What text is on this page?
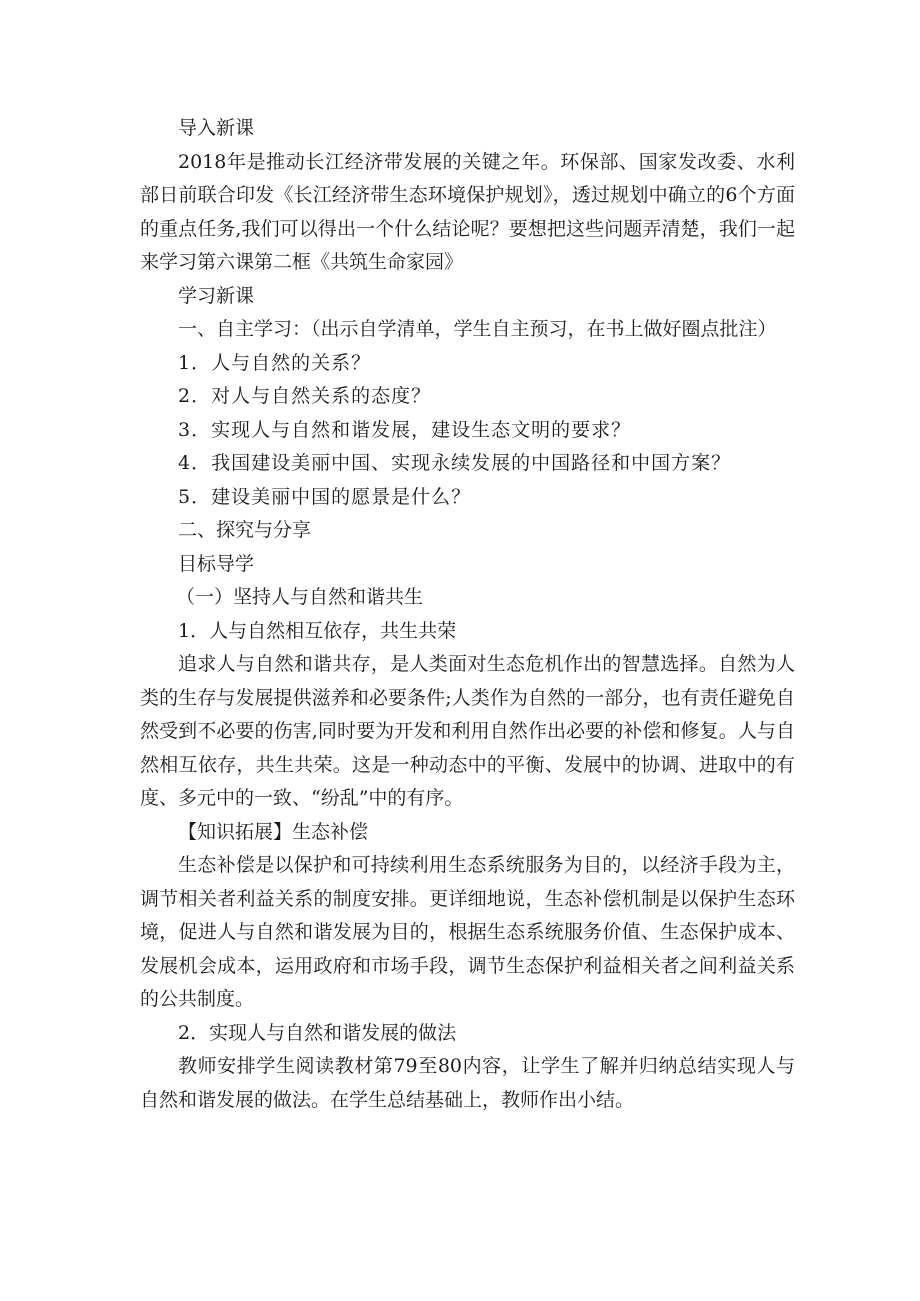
导入新课

2018年是推动长江经济带发展的关键之年。环保部、国家发改委、水利部日前联合印发《长江经济带生态环境保护规划》，透过规划中确立的6个方面的重点任务,我们可以得出一个什么结论呢？要想把这些问题弄清楚，我们一起来学习第六课第二框《共筑生命家园》

学习新课

一、自主学习：（出示自学清单，学生自主预习，在书上做好圈点批注）

1．人与自然的关系？
2．对人与自然关系的态度？
3．实现人与自然和谐发展，建设生态文明的要求？
4．我国建设美丽中国、实现永续发展的中国路径和中国方案？
5．建设美丽中国的愿景是什么？
二、探究与分享
目标导学
（一）坚持人与自然和谐共生
1．人与自然相互依存，共生共荣

追求人与自然和谐共存，是人类面对生态危机作出的智慧选择。自然为人类的生存与发展提供滋养和必要条件;人类作为自然的一部分，也有责任避免自然受到不必要的伤害,同时要为开发和利用自然作出必要的补偿和修复。人与自然相互依存，共生共荣。这是一种动态中的平衡、发展中的协调、进取中的有度、多元中的一致、“纷乱”中的有序。

【知识拓展】生态补偿

生态补偿是以保护和可持续利用生态系统服务为目的，以经济手段为主，调节相关者利益关系的制度安排。更详细地说，生态补偿机制是以保护生态环境，促进人与自然和谐发展为目的，根据生态系统服务价值、生态保护成本、发展机会成本，运用政府和市场手段，调节生态保护利益相关者之间利益关系的公共制度。

2．实现人与自然和谐发展的做法

教师安排学生阅读教材第79至80内容，让学生了解并归纳总结实现人与自然和谐发展的做法。在学生总结基础上，教师作出小结。
